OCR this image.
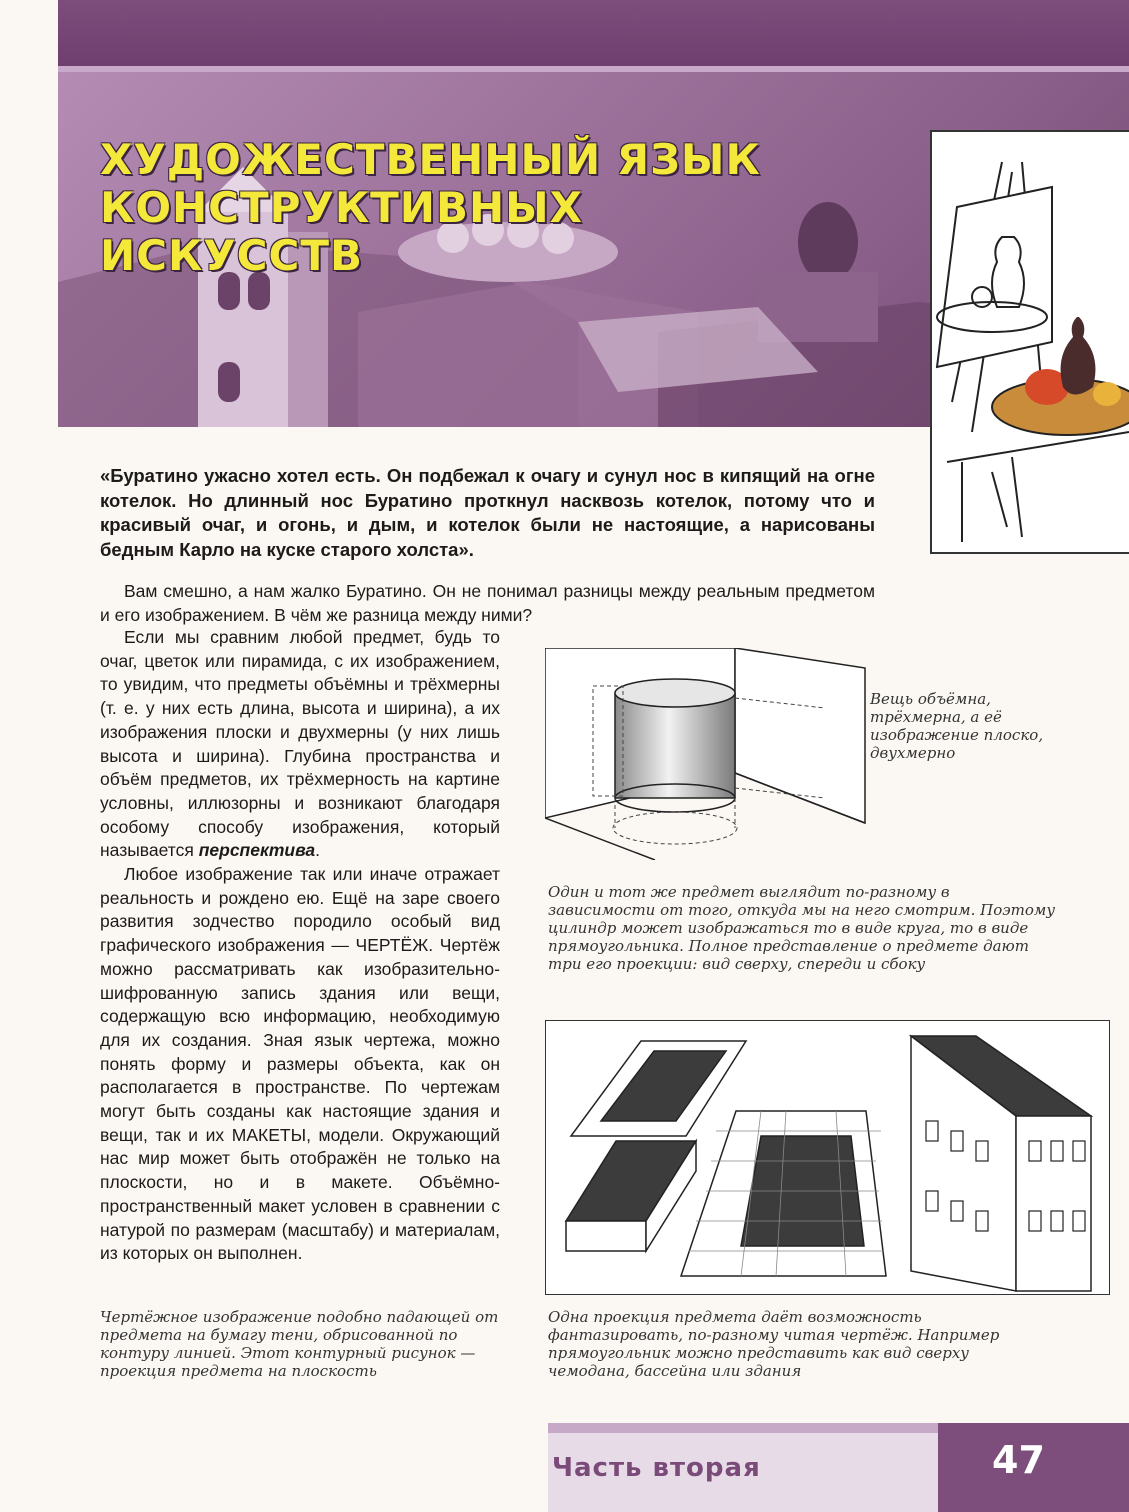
ХУДОЖЕСТВЕННЫЙ ЯЗЫК
КОНСТРУКТИВНЫХ ИСКУССТВ
«Буратино ужасно хотел есть. Он подбежал к очагу и сунул нос в кипящий на огне котелок. Но длинный нос Буратино проткнул насквозь котелок, потому что и красивый очаг, и огонь, и дым, и котелок были не настоящие, а нарисованы бедным Карло на куске старого холста».
Вам смешно, а нам жалко Буратино. Он не понимал разницы между реальным предметом и его изображением. В чём же разница между ними?

Если мы сравним любой предмет, будь то очаг, цветок или пирамида, с их изображением, то увидим, что предметы объёмны и трёхмерны (т. е. у них есть длина, высота и ширина), а их изображения плоски и двухмерны (у них лишь высота и ширина). Глубина пространства и объём предметов, их трёхмерность на картине условны, иллюзорны и возникают благодаря особому способу изображения, который называется перспектива.

Любое изображение так или иначе отражает реальность и рождено ею. Ещё на заре своего развития зодчество породило особый вид графического изображения — ЧЕРТЁЖ. Чертёж можно рассматривать как изобразительно-шифрованную запись здания или вещи, содержащую всю информацию, необходимую для их создания. Зная язык чертежа, можно понять форму и размеры объекта, как он располагается в пространстве. По чертежам могут быть созданы как настоящие здания и вещи, так и их МАКЕТЫ, модели. Окружающий нас мир может быть отображён не только на плоскости, но и в макете. Объёмно-пространственный макет условен в сравнении с натурой по размерам (масштабу) и материалам, из которых он выполнен.

Вещь объёмна, трёхмерна, а её изображение плоско, двухмерно
Один и тот же предмет выглядит по-разному в зависимости от того, откуда мы на него смотрим. Поэтому цилиндр может изображаться то в виде круга, то в виде прямоугольника. Полное представление о предмете дают три его проекции: вид сверху, спереди и сбоку
Чертёжное изображение подобно падающей от предмета на бумагу тени, обрисованной по контуру линией. Этот контурный рисунок — проекция предмета на плоскость
Одна проекция предмета даёт возможность фантазировать, по-разному читая чертёж. Например прямоугольник можно представить как вид сверху чемодана, бассейна или здания
Часть вторая	47
